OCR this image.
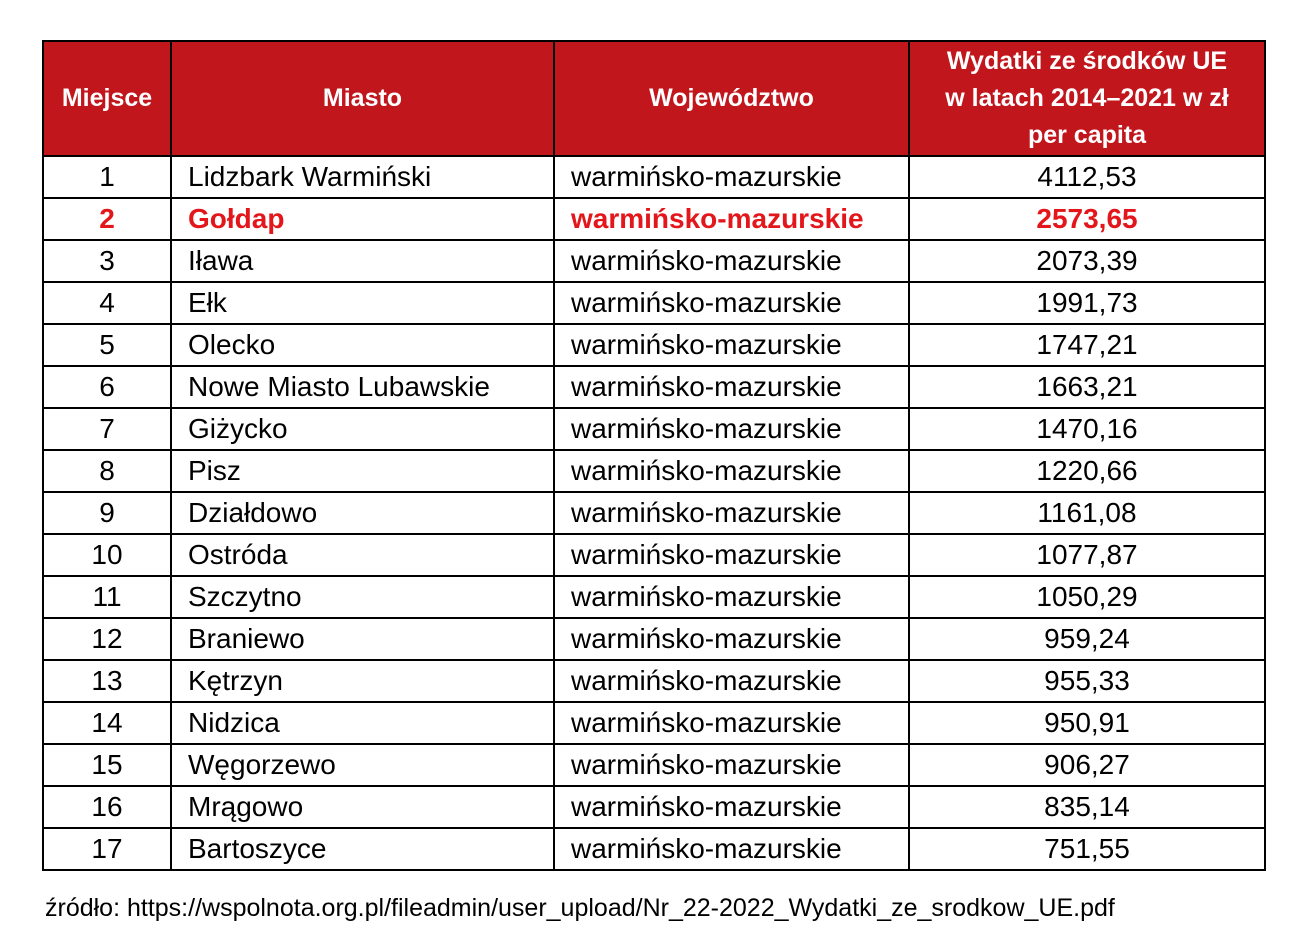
Miejsce	Miasto	Województwo	Wydatki ze środków UE
w latach 2014–2021 w zł
per capita
1	Lidzbark Warmiński	warmińsko-mazurskie	4112,53
2	Gołdap	warmińsko-mazurskie	2573,65
3	Iława	warmińsko-mazurskie	2073,39
4	Ełk	warmińsko-mazurskie	1991,73
5	Olecko	warmińsko-mazurskie	1747,21
6	Nowe Miasto Lubawskie	warmińsko-mazurskie	1663,21
7	Giżycko	warmińsko-mazurskie	1470,16
8	Pisz	warmińsko-mazurskie	1220,66
9	Działdowo	warmińsko-mazurskie	1161,08
10	Ostróda	warmińsko-mazurskie	1077,87
11	Szczytno	warmińsko-mazurskie	1050,29
12	Braniewo	warmińsko-mazurskie	959,24
13	Kętrzyn	warmińsko-mazurskie	955,33
14	Nidzica	warmińsko-mazurskie	950,91
15	Węgorzewo	warmińsko-mazurskie	906,27
16	Mrągowo	warmińsko-mazurskie	835,14
17	Bartoszyce	warmińsko-mazurskie	751,55
źródło: https://wspolnota.org.pl/fileadmin/user_upload/Nr_22-2022_Wydatki_ze_srodkow_UE.pdf
